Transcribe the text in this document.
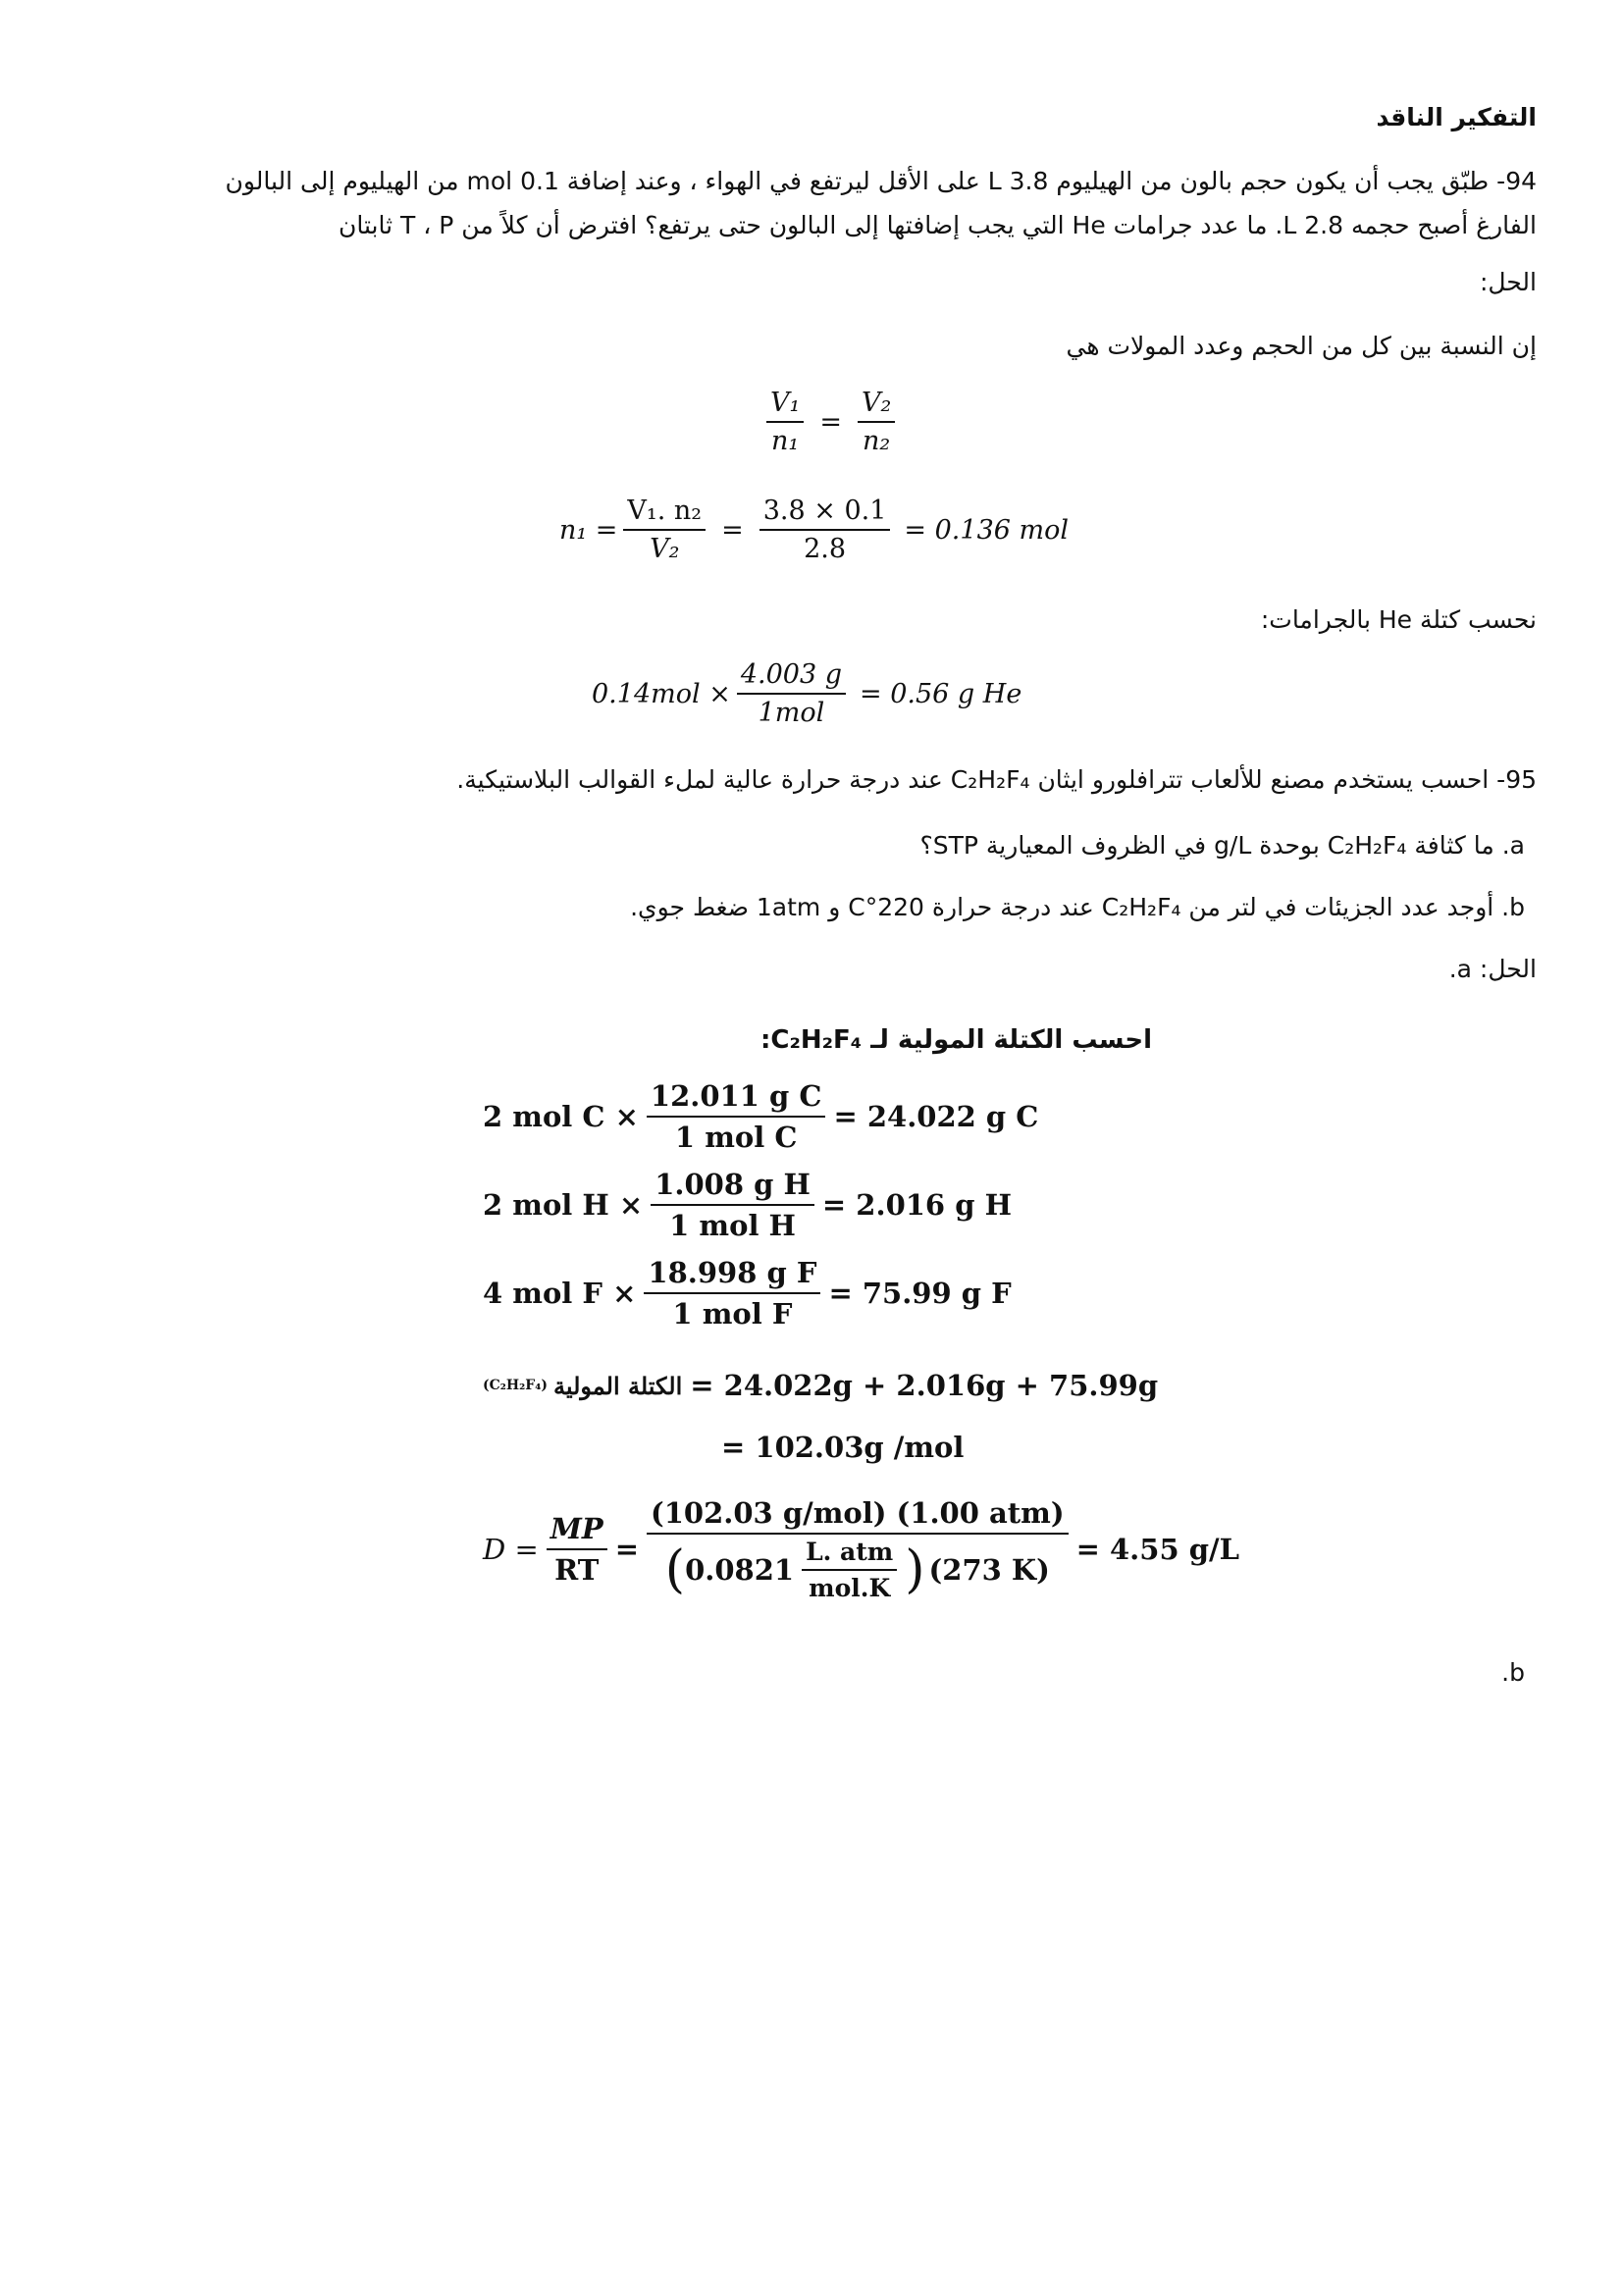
التفكير الناقد
94- طبّق يجب أن يكون حجم بالون من الهيليوم 3.8 L على الأقل ليرتفع في الهواء ، وعند إضافة 0.1 mol من الهيليوم إلى البالون
الفارغ أصبح حجمه 2.8 L. ما عدد جرامات He التي يجب إضافتها إلى البالون حتى يرتفع؟ افترض أن كلاً من T ، P ثابتان
الحل:
إن النسبة بين كل من الحجم وعدد المولات هي
$\frac{\text{V₁}}{\text{n₁}} = \frac{\text{V₂}}{\text{n₂}}$
$n_1 = \frac{\text{V₁. n₂}}{\text{V₂}} = \frac{3.8 \times 0.1}{2.8} = 0.136$ mol
نحسب كتلة He بالجرامات:
$0.14mol \times \frac{4.003 g}{\text{1mol}} = 0.56$ g He
95- احسب يستخدم مصنع للألعاب تترافلورو ايثان C₂H₂F₄ عند درجة حرارة عالية لملء القوالب البلاستيكية.
a. ما كثافة C₂H₂F₄ بوحدة g/L في الظروف المعيارية STP؟
b. أوجد عدد الجزيئات في لتر من C₂H₂F₄ عند درجة حرارة 220°C و 1atm ضغط جوي.
الحل: a.
احسب الكتلة المولية لـ C₂H₂F₄:
2 mol $C \times \frac{\text{12.011 g C}}{\text{1 mol C}} = 24.022$ g C
2 mol $H \times \frac{\text{1.008 g H}}{\text{1 mol H}} = 2.016$ g H
4 mol $F \times \frac{\text{18.998 g F}}{\text{1 mol F}} = 75.99$ g F
(C₂H₂F₄) الكتلة المولية = 24.022g + 2.016g + 75.99g
= 102.03g /mol
$D = \frac{MP}{RT}$ =
(102.03 g/mol) (1.00 atm)
( $0.0821 \frac{\text{L. atm}}{\text{mol.K}}$ ) (273 K)
= 4.55 g/L
.b
